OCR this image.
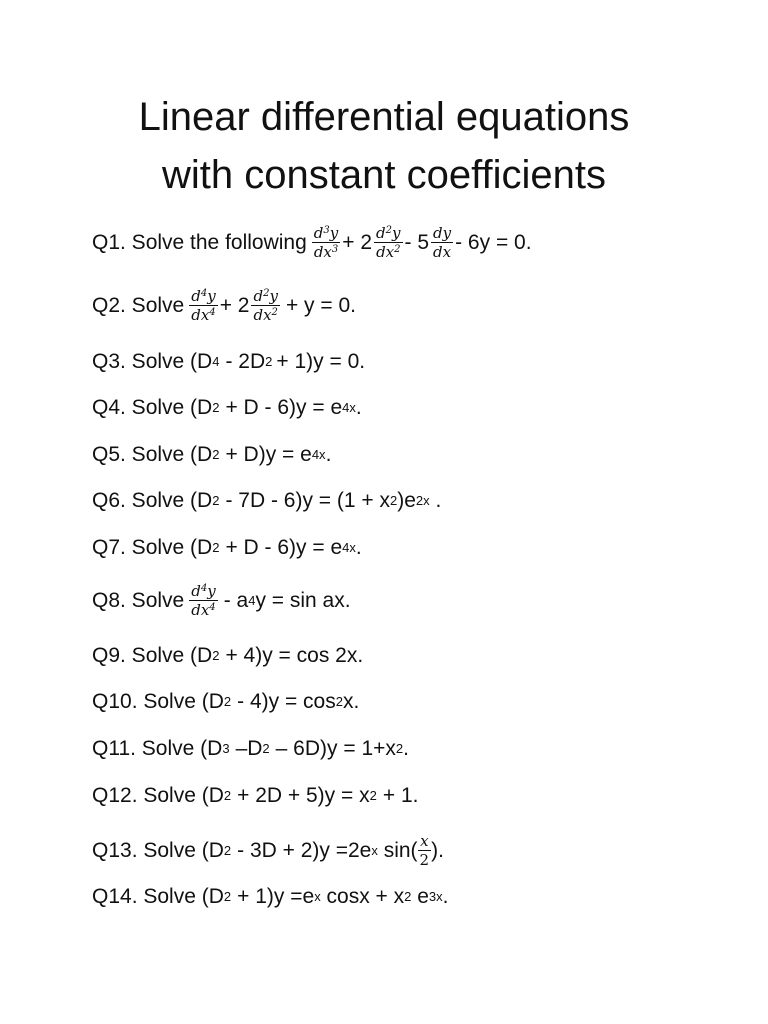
Linear differential equations
with constant coefficients
Q1. Solve the following $\frac{d^3y}{dx^3} + 2 \frac{d^2y}{dx^2} - 5 \frac{dy}{dx} - 6y = 0$.
Q2. Solve $\frac{d^4y}{dx^4} + 2 \frac{d^2y}{dx^2} + y = 0$.
Q3. Solve (D 4 - 2D 2 + 1)y = 0.
Q4. Solve (D 2 + D - 6)y = e 4x .
Q5. Solve (D 2 + D)y = e 4x .
Q6. Solve (D 2 - 7D - 6)y = (1 + x 2 )e 2x .
Q7. Solve (D 2 + D - 6)y = e 4x .
Q8. Solve $\frac{d^4y}{dx^4}$ - a 4 y = sin ax.
Q9. Solve (D 2 + 4)y = cos 2x.
Q10. Solve (D 2 - 4)y = cos 2 x.
Q11. Solve (D 3 –D 2 – 6D)y = 1+x 2 .
Q12. Solve (D 2 + 2D + 5)y = x 2 + 1.
Q13. Solve (D 2 - 3D + 2)y =2e x $\sin( \frac{x}{2}$ ).
Q14. Solve (D 2 + 1)y =e x cosx + x 2 e 3x .
